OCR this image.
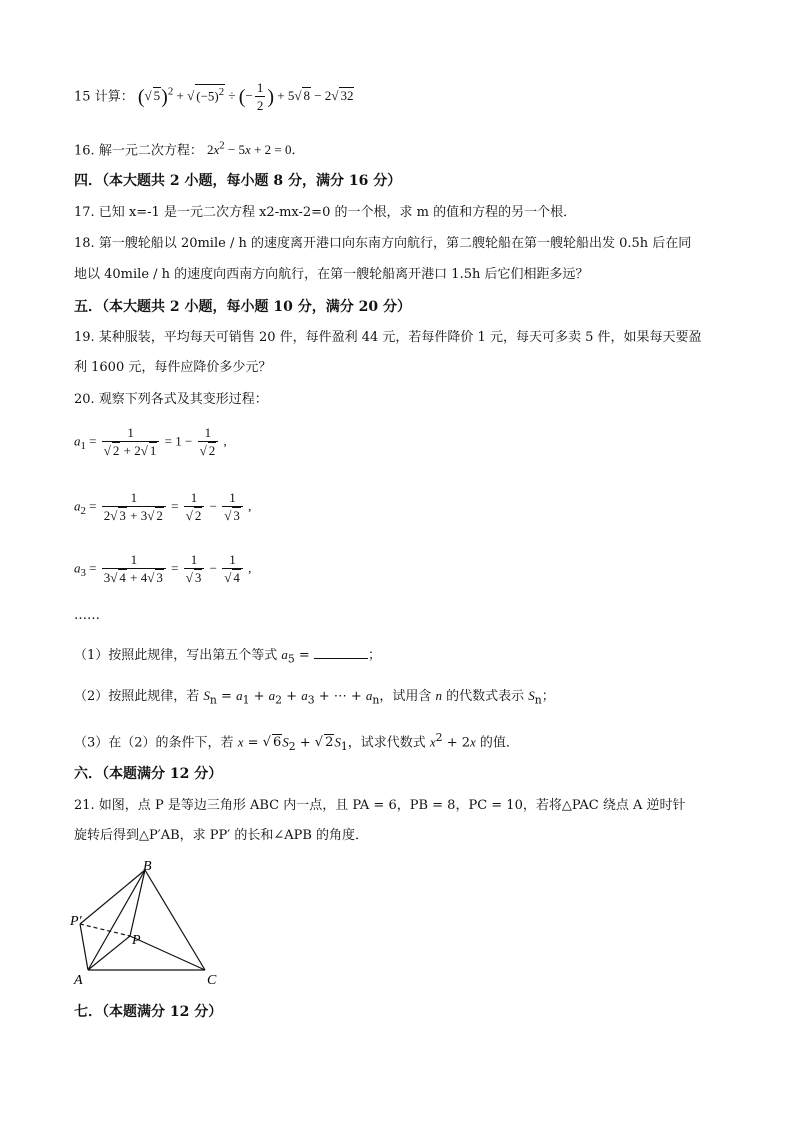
15 计算： ( √ 5)$^2$ + √ $(-5)^2$ ÷ (− $\frac{1}{2}$ ) + 5 √ 8 − 2 √ 32
16. 解一元二次方程： $2x^2 - 5x + 2 = 0$．
四．（本大题共 2 小题，每小题 8 分，满分 16 分）
17. 已知 x=-1 是一元二次方程 x2-mx-2=0 的一个根，求 m 的值和方程的另一个根．
18. 第一艘轮船以 20mile / h 的速度离开港口向东南方向航行，第二艘轮船在第一艘轮船出发 0.5h 后在同
地以 40mile / h 的速度向西南方向航行，在第一艘轮船离开港口 1.5h 后它们相距多远？
五．（本大题共 2 小题，每小题 10 分，满分 20 分）
19. 某种服装，平均每天可销售 20 件，每件盈利 44 元，若每件降价 1 元，每天可多卖 5 件，如果每天要盈
利 1600 元，每件应降价多少元？
20. 观察下列各式及其变形过程：
$a_1 = 1$
√ 2 + 2 √ 1 = 1 − 1
√ 2 ,
$a_2 = \frac{1}{2 √ 3 + 3 √ 2} = 1$
√ 2 − 1
√ 3 ,
$a_3 = \frac{1}{3 √ 4 + 4 √ 3} = 1$
√ 3 − 1
√ 4 ,
……
（1）按照此规律，写出第五个等式 $a_5$ =	；
（2）按照此规律，若 $S_n = a_1 + a_2 + a_3$ + ⋯ + $a_n$，试用含 n 的代数式表示 $S_n$；
（3）在（2）的条件下，若 x = √ $6S_2$ + √ $2S_1$，试求代数式 $x^2 + 2x$ 的值．
六．（本题满分 12 分）
21. 如图，点 P 是等边三角形 ABC 内一点，且 PA = 6，PB = 8，PC = 10，若将△PAC 绕点 A 逆时针
旋转后得到△P′AB，求 PP′ 的长和∠APB 的角度．
B
P′
P
A	C
七．（本题满分 12 分）
